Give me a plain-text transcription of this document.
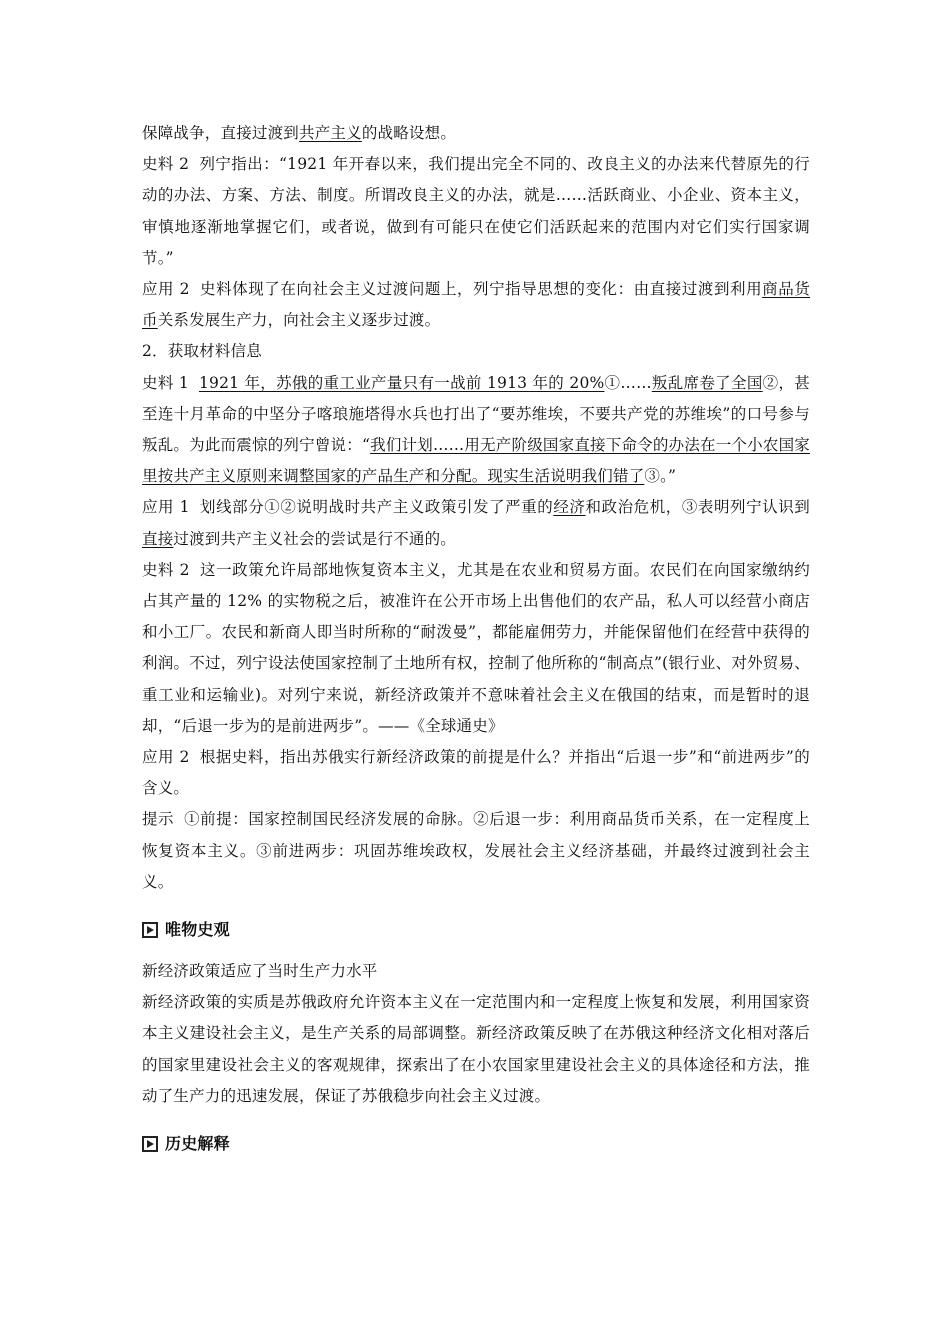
保障战争，直接过渡到共产主义的战略设想。

史料 2 列宁指出：“1921 年开春以来，我们提出完全不同的、改良主义的办法来代替原先的行动的办法、方案、方法、制度。所谓改良主义的办法，就是……活跃商业、小企业、资本主义，审慎地逐渐地掌握它们，或者说，做到有可能只在使它们活跃起来的范围内对它们实行国家调节。”

应用 2 史料体现了在向社会主义过渡问题上，列宁指导思想的变化：由直接过渡到利用商品货币关系发展生产力，向社会主义逐步过渡。

2．获取材料信息

史料 1 1921 年，苏俄的重工业产量只有一战前 1913 年的 20%①……叛乱席卷了全国②，甚至连十月革命的中坚分子喀琅施塔得水兵也打出了“要苏维埃，不要共产党的苏维埃”的口号参与叛乱。为此而震惊的列宁曾说：“我们计划……用无产阶级国家直接下命令的办法在一个小农国家里按共产主义原则来调整国家的产品生产和分配。现实生活说明我们错了③。”

应用 1 划线部分①②说明战时共产主义政策引发了严重的经济和政治危机，③表明列宁认识到直接过渡到共产主义社会的尝试是行不通的。

史料 2 这一政策允许局部地恢复资本主义，尤其是在农业和贸易方面。农民们在向国家缴纳约占其产量的 12% 的实物税之后，被准许在公开市场上出售他们的农产品，私人可以经营小商店和小工厂。农民和新商人即当时所称的“耐泼曼”，都能雇佣劳力，并能保留他们在经营中获得的利润。不过，列宁设法使国家控制了土地所有权，控制了他所称的“制高点”(银行业、对外贸易、重工业和运输业)。对列宁来说，新经济政策并不意味着社会主义在俄国的结束，而是暂时的退却，“后退一步为的是前进两步”。——《全球通史》

应用 2 根据史料，指出苏俄实行新经济政策的前提是什么？并指出“后退一步”和“前进两步”的含义。

提示 ①前提：国家控制国民经济发展的命脉。②后退一步：利用商品货币关系，在一定程度上恢复资本主义。③前进两步：巩固苏维埃政权，发展社会主义经济基础，并最终过渡到社会主义。

唯物史观

新经济政策适应了当时生产力水平

新经济政策的实质是苏俄政府允许资本主义在一定范围内和一定程度上恢复和发展，利用国家资本主义建设社会主义，是生产关系的局部调整。新经济政策反映了在苏俄这种经济文化相对落后的国家里建设社会主义的客观规律，探索出了在小农国家里建设社会主义的具体途径和方法，推动了生产力的迅速发展，保证了苏俄稳步向社会主义过渡。

历史解释
